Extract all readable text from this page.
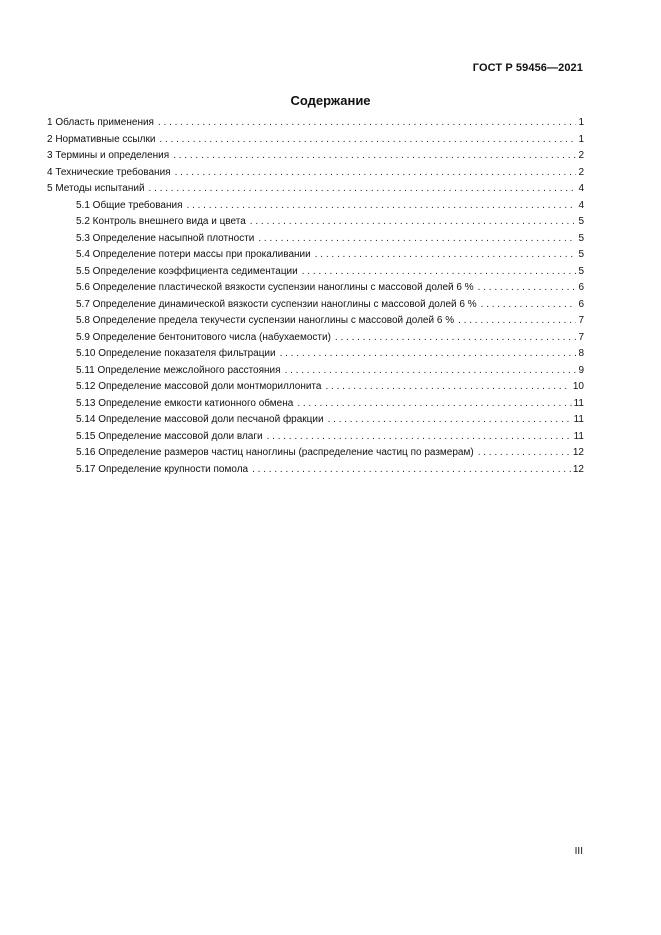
ГОСТ Р 59456—2021
Содержание
1 Область применения . . .	1
2 Нормативные ссылки . . .	1
3 Термины и определения . . .	2
4 Технические требования . . .	2
5 Методы испытаний . . .	4
5.1 Общие требования . . .	4
5.2 Контроль внешнего вида и цвета . . .	5
5.3 Определение насыпной плотности . . .	5
5.4 Определение потери массы при прокаливании . . .	5
5.5 Определение коэффициента седиментации . . .	5
5.6 Определение пластической вязкости суспензии наноглины с массовой долей 6 % . . .	6
5.7 Определение динамической вязкости суспензии наноглины с массовой долей 6 % . . .	6
5.8 Определение предела текучести суспензии наноглины с массовой долей 6 % . . .	7
5.9 Определение бентонитового числа (набухаемости) . . .	7
5.10 Определение показателя фильтрации . . .	8
5.11 Определение межслойного расстояния . . .	9
5.12 Определение массовой доли монтмориллонита . . .	10
5.13 Определение емкости катионного обмена . . .	11
5.14 Определение массовой доли песчаной фракции . . .	11
5.15 Определение массовой доли влаги . . .	11
5.16 Определение размеров частиц наноглины (распределение частиц по размерам) . . .	12
5.17 Определение крупности помола . . .	12
III
